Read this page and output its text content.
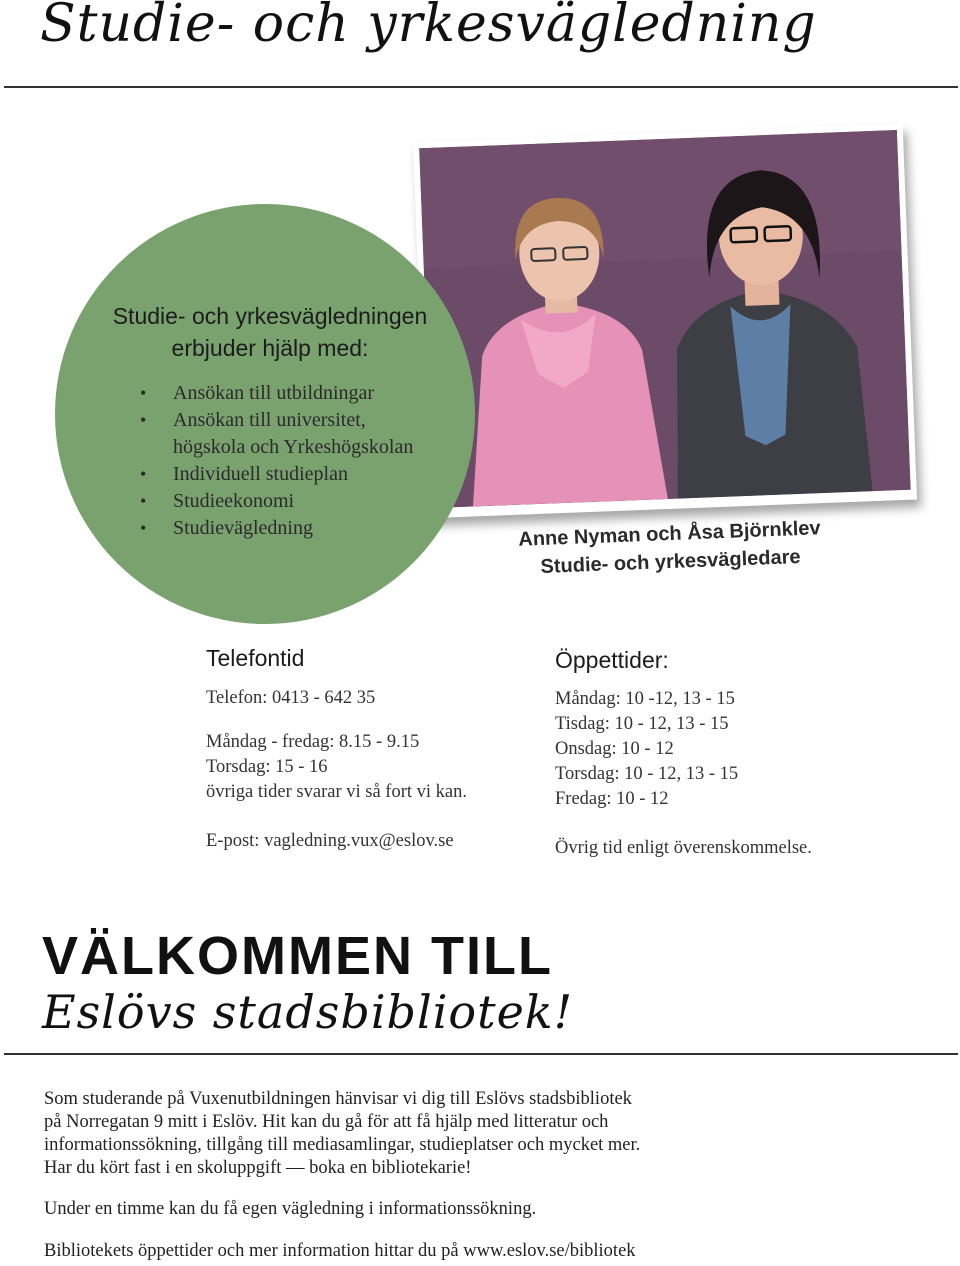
Studie- och yrkesvägledning
Studie- och yrkesvägledningen
erbjuder hjälp med:
• Ansökan till utbildningar
• Ansökan till universitet,
högskola och Yrkeshögskolan
• Individuell studieplan
• Studieekonomi
• Studievägledning	Anne Nyman och Åsa Björnklev
Studie- och yrkesvägledare
Telefontid
Telefon: 0413 - 642 35
Måndag - fredag: 8.15 - 9.15
Torsdag: 15 - 16
övriga tider svarar vi så fort vi kan.
E-post: vagledning.vux@eslov.se
Öppettider:
Måndag: 10 -12, 13 - 15
Tisdag: 10 - 12, 13 - 15
Onsdag: 10 - 12
Torsdag: 10 - 12, 13 - 15
Fredag: 10 - 12
Övrig tid enligt överenskommelse.
VÄLKOMMEN TILL
Eslövs stadsbibliotek!
Som studerande på Vuxenutbildningen hänvisar vi dig till Eslövs stadsbibliotek
på Norregatan 9 mitt i Eslöv. Hit kan du gå för att få hjälp med litteratur och
informationssökning, tillgång till mediasamlingar, studieplatser och mycket mer.
Har du kört fast i en skoluppgift — boka en bibliotekarie!
Under en timme kan du få egen vägledning i informationssökning.
Bibliotekets öppettider och mer information hittar du på www.eslov.se/bibliotek
